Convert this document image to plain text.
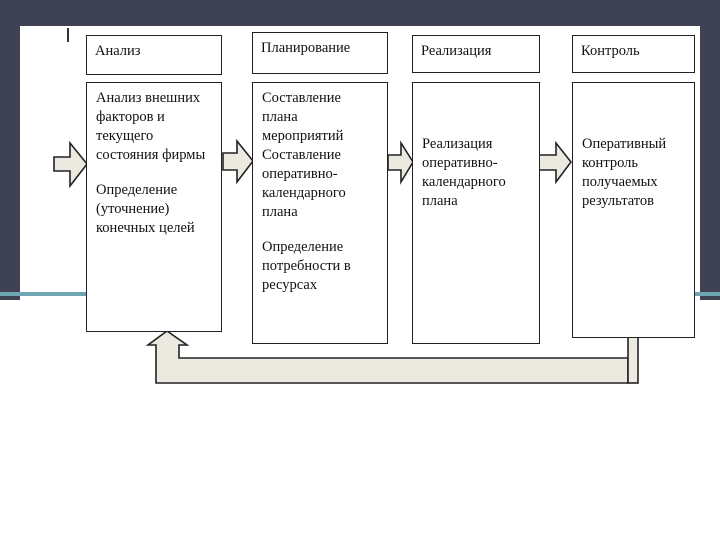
Анализ

Анализ внешних факторов и текущего состояния фирмы

Определение (уточнение) конечных целей

Планирование

Составление плана мероприятий Составление оперативно-календарного плана

Определение потребности в ресурсах

Реализация

Реализация оперативно-календарного плана

Контроль

Оперативный контроль получаемых результатов
